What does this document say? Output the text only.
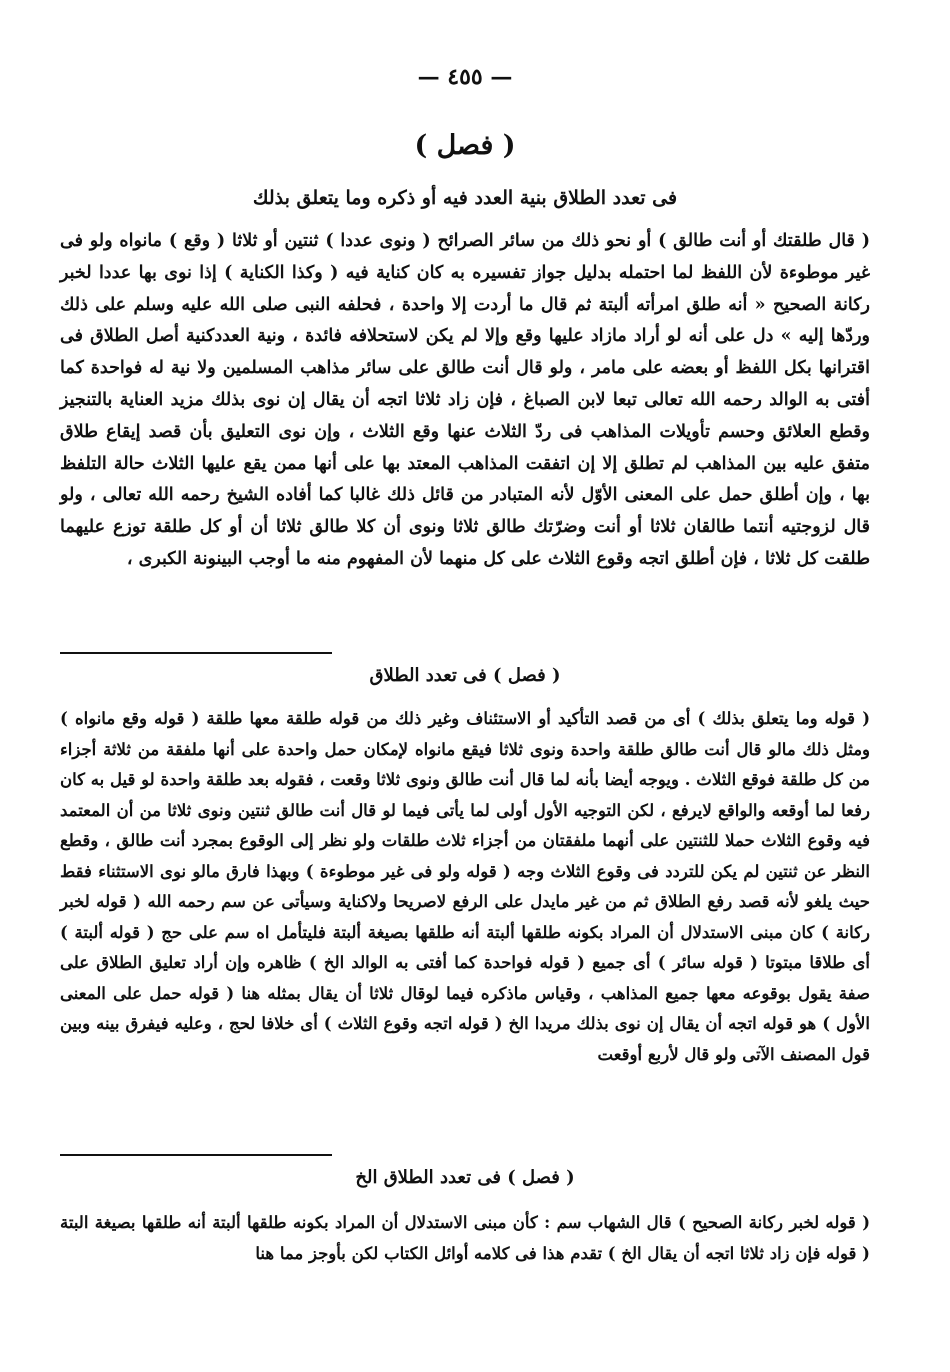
— ٤٥٥ —
( فصل )
فى تعدد الطلاق بنية العدد فيه أو ذكره وما يتعلق بذلك

( قال طلقتك أو أنت طالق ) أو نحو ذلك من سائر الصرائح ( ونوى عددا ) ثنتين أو ثلاثا ( وقع ) مانواه ولو فى غير موطوءة لأن اللفظ لما احتمله بدليل جواز تفسيره به كان كناية فيه ( وكذا الكناية ) إذا نوى بها عددا لخبر ركانة الصحيح « أنه طلق امرأته ألبتة ثم قال ما أردت إلا واحدة ، فحلفه النبى صلى الله عليه وسلم على ذلك وردّها إليه » دل على أنه لو أراد مازاد عليها وقع وإلا لم يكن لاستحلافه فائدة ، ونية العددكنية أصل الطلاق فى اقترانها بكل اللفظ أو بعضه على مامر ، ولو قال أنت طالق على سائر مذاهب المسلمين ولا نية له فواحدة كما أفتى به الوالد رحمه الله تعالى تبعا لابن الصباغ ، فإن زاد ثلاثا اتجه أن يقال إن نوى بذلك مزيد العناية بالتنجيز وقطع العلائق وحسم تأويلات المذاهب فى ردّ الثلاث عنها وقع الثلاث ، وإن نوى التعليق بأن قصد إيقاع طلاق متفق عليه بين المذاهب لم تطلق إلا إن اتفقت المذاهب المعتد بها على أنها ممن يقع عليها الثلاث حالة التلفظ بها ، وإن أطلق حمل على المعنى الأوّل لأنه المتبادر من قائل ذلك غالبا كما أفاده الشيخ رحمه الله تعالى ، ولو قال لزوجتيه أنتما طالقان ثلاثا أو أنت وضرّتك طالق ثلاثا ونوى أن كلا طالق ثلاثا أن أو كل طلقة توزع عليهما طلقت كل ثلاثا ، فإن أطلق اتجه وقوع الثلاث على كل منهما لأن المفهوم منه ما أوجب البينونة الكبرى ،

( فصل ) فى تعدد الطلاق

( قوله وما يتعلق بذلك ) أى من قصد التأكيد أو الاستئناف وغير ذلك من قوله طلقة معها طلقة ( قوله وقع مانواه ) ومثل ذلك مالو قال أنت طالق طلقة واحدة ونوى ثلاثا فيقع مانواه لإمكان حمل واحدة على أنها ملفقة من ثلاثة أجزاء من كل طلقة فوقع الثلاث . ويوجه أيضا بأنه لما قال أنت طالق ونوى ثلاثا وقعت ، فقوله بعد طلقة واحدة لو قيل به كان رفعا لما أوقعه والواقع لايرفع ، لكن التوجيه الأول أولى لما يأتى فيما لو قال أنت طالق ثنتين ونوى ثلاثا من أن المعتمد فيه وقوع الثلاث حملا للثنتين على أنهما ملفقتان من أجزاء ثلاث طلقات ولو نظر إلى الوقوع بمجرد أنت طالق ، وقطع النظر عن ثنتين لم يكن للتردد فى وقوع الثلاث وجه ( قوله ولو فى غير موطوءة ) وبهذا فارق مالو نوى الاستثناء فقط حيث يلغو لأنه قصد رفع الطلاق ثم من غير مايدل على الرفع لاصريحا ولاكناية وسيأتى عن سم رحمه الله ( قوله لخبر ركانة ) كان مبنى الاستدلال أن المراد بكونه طلقها ألبتة أنه طلقها بصيغة ألبتة فليتأمل اه سم على حج ( قوله ألبتة ) أى طلاقا مبتوتا ( قوله سائر ) أى جميع ( قوله فواحدة كما أفتى به الوالد الخ ) ظاهره وإن أراد تعليق الطلاق على صفة يقول بوقوعه معها جميع المذاهب ، وقياس ماذكره فيما لوقال ثلاثا أن يقال بمثله هنا ( قوله حمل على المعنى الأول ) هو قوله اتجه أن يقال إن نوى بذلك مريدا الخ ( قوله اتجه وقوع الثلاث ) أى خلافا لحج ، وعليه فيفرق بينه وبين قول المصنف الآتى ولو قال لأربع أوقعت

( فصل ) فى تعدد الطلاق الخ

( قوله لخبر ركانة الصحيح ) قال الشهاب سم : كأن مبنى الاستدلال أن المراد بكونه طلقها ألبتة أنه طلقها بصيغة البتة ( قوله فإن زاد ثلاثا اتجه أن يقال الخ ) تقدم هذا فى كلامه أوائل الكتاب لكن بأوجز مما هنا
